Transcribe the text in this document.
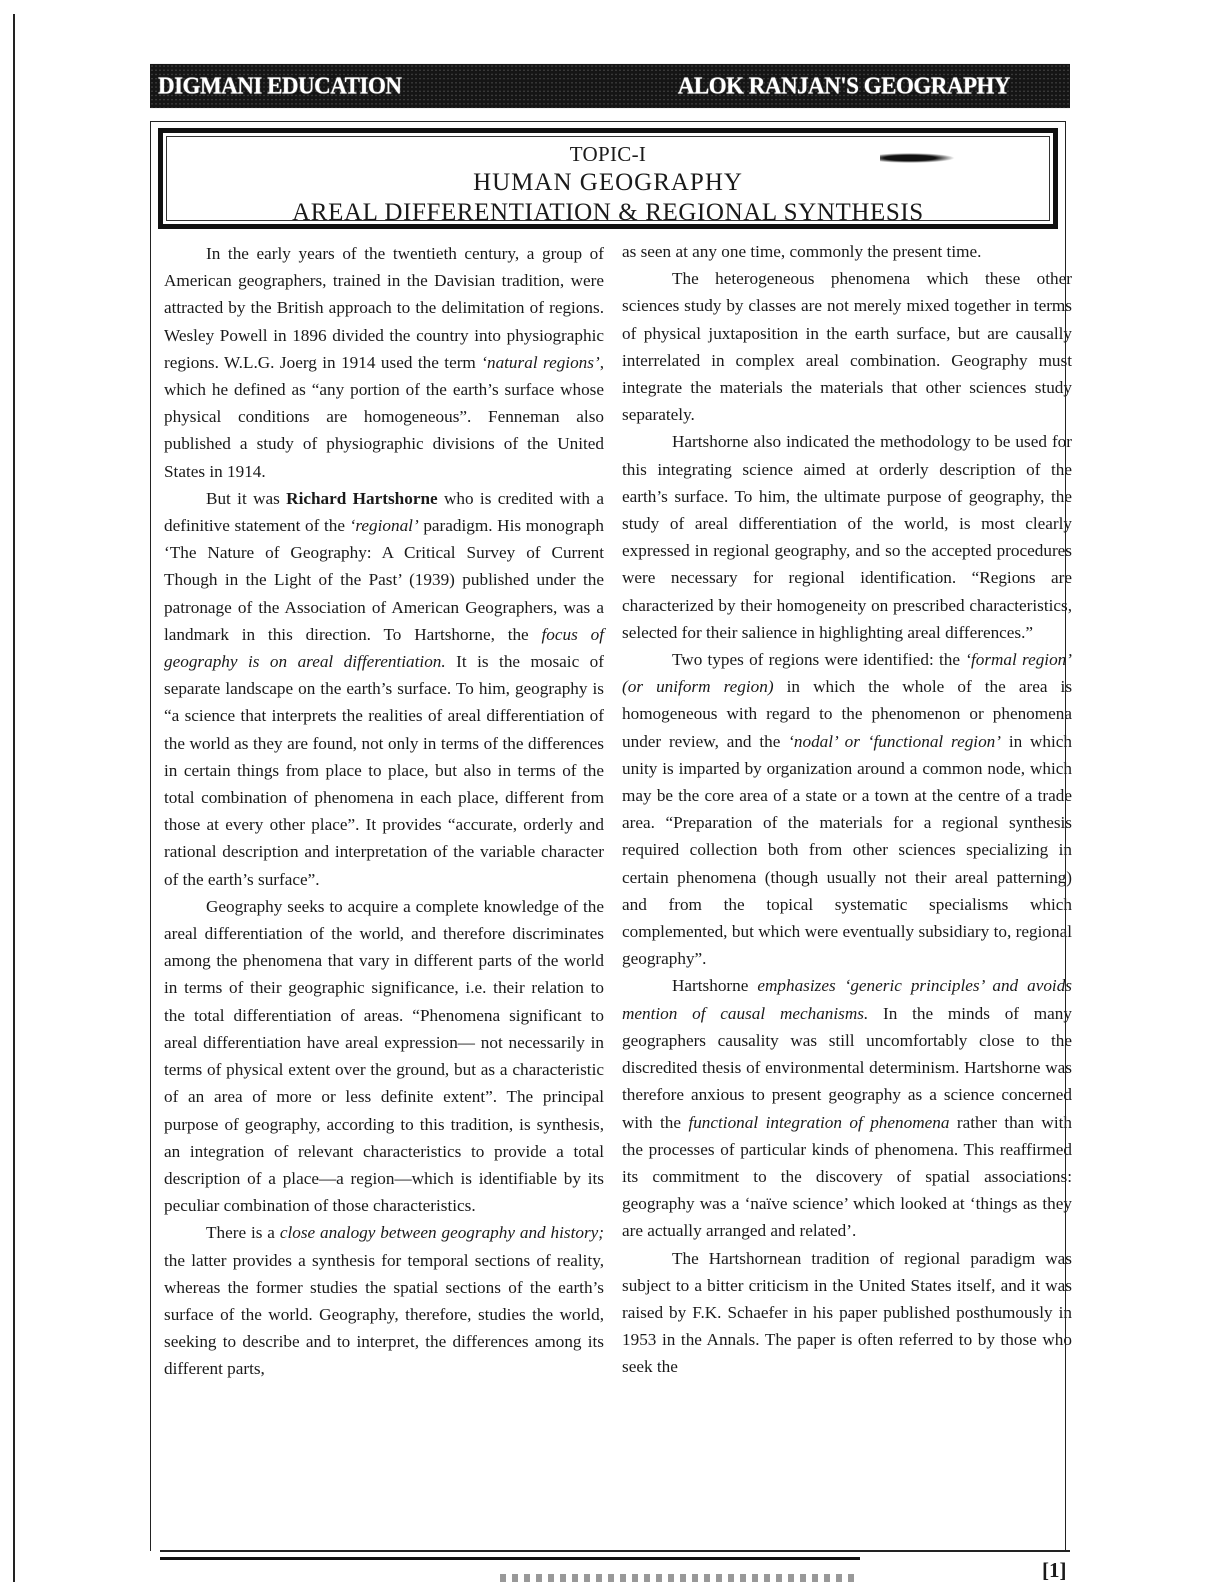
DIGMANI EDUCATION	ALOK RANJAN'S GEOGRAPHY
TOPIC-I
HUMAN GEOGRAPHY
AREAL DIFFERENTIATION & REGIONAL SYNTHESIS

In the early years of the twentieth century, a group of American geographers, trained in the Davisian tradition, were attracted by the British approach to the delimitation of regions. Wesley Powell in 1896 divided the country into physiographic regions. W.L.G. Joerg in 1914 used the term ‘natural regions’, which he defined as “any portion of the earth’s surface whose physical conditions are homogeneous”. Fenneman also published a study of physiographic divisions of the United States in 1914.

But it was Richard Hartshorne who is credited with a definitive statement of the ‘regional’ paradigm. His monograph ‘The Nature of Geography: A Critical Survey of Current Though in the Light of the Past’ (1939) published under the patronage of the Association of American Geographers, was a landmark in this direction. To Hartshorne, the focus of geography is on areal differentiation. It is the mosaic of separate landscape on the earth’s surface. To him, geography is “a science that interprets the realities of areal differentiation of the world as they are found, not only in terms of the differences in certain things from place to place, but also in terms of the total combination of phenomena in each place, different from those at every other place”. It provides “accurate, orderly and rational description and interpretation of the variable character of the earth’s surface”.

Geography seeks to acquire a complete knowledge of the areal differentiation of the world, and therefore discriminates among the phenomena that vary in different parts of the world in terms of their geographic significance, i.e. their relation to the total differentiation of areas. “Phenomena significant to areal differentiation have areal expression— not necessarily in terms of physical extent over the ground, but as a characteristic of an area of more or less definite extent”. The principal purpose of geography, according to this tradition, is synthesis, an integration of relevant characteristics to provide a total description of a place—a region—which is identifiable by its peculiar combination of those characteristics.

There is a close analogy between geography and history; the latter provides a synthesis for temporal sections of reality, whereas the former studies the spatial sections of the earth’s surface of the world. Geography, therefore, studies the world, seeking to describe and to interpret, the differences among its different parts,

as seen at any one time, commonly the present time.

The heterogeneous phenomena which these other sciences study by classes are not merely mixed together in terms of physical juxtaposition in the earth surface, but are causally interrelated in complex areal combination. Geography must integrate the materials the materials that other sciences study separately.

Hartshorne also indicated the methodology to be used for this integrating science aimed at orderly description of the earth’s surface. To him, the ultimate purpose of geography, the study of areal differentiation of the world, is most clearly expressed in regional geography, and so the accepted procedures were necessary for regional identification. “Regions are characterized by their homogeneity on prescribed characteristics, selected for their salience in highlighting areal differences.”

Two types of regions were identified: the ‘formal region’ (or uniform region) in which the whole of the area is homogeneous with regard to the phenomenon or phenomena under review, and the ‘nodal’ or ‘functional region’ in which unity is imparted by organization around a common node, which may be the core area of a state or a town at the centre of a trade area. “Preparation of the materials for a regional synthesis required collection both from other sciences specializing in certain phenomena (though usually not their areal patterning) and from the topical systematic specialisms which complemented, but which were eventually subsidiary to, regional geography”.

Hartshorne emphasizes ‘generic principles’ and avoids mention of causal mechanisms. In the minds of many geographers causality was still uncomfortably close to the discredited thesis of environmental determinism. Hartshorne was therefore anxious to present geography as a science concerned with the functional integration of phenomena rather than with the processes of particular kinds of phenomena. This reaffirmed its commitment to the discovery of spatial associations: geography was a ‘naïve science’ which looked at ‘things as they are actually arranged and related’.

The Hartshornean tradition of regional paradigm was subject to a bitter criticism in the United States itself, and it was raised by F.K. Schaefer in his paper published posthumously in 1953 in the Annals. The paper is often referred to by those who seek the

[1]
